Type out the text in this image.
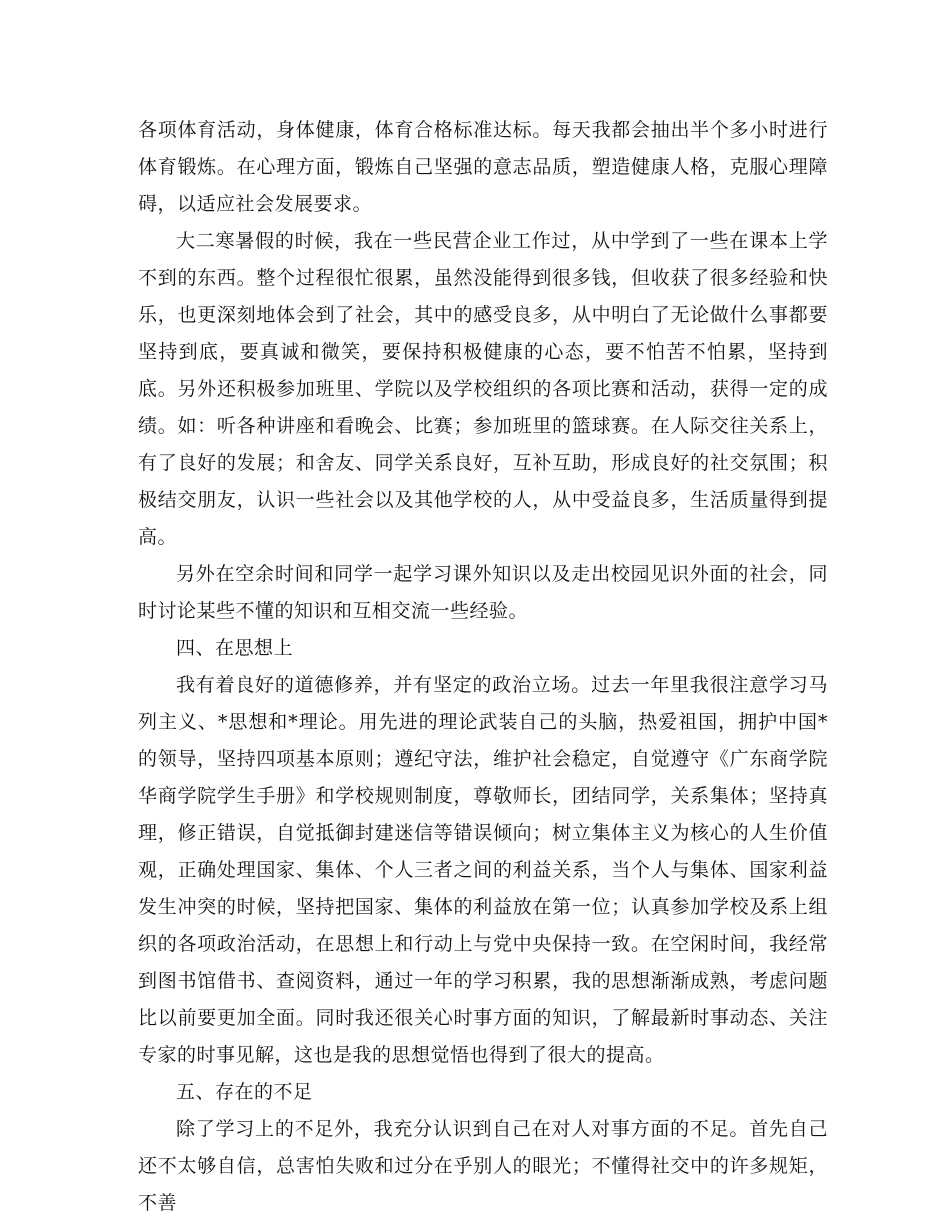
各项体育活动，身体健康，体育合格标准达标。每天我都会抽出半个多小时进行体育锻炼。在心理方面，锻炼自己坚强的意志品质，塑造健康人格，克服心理障碍，以适应社会发展要求。

大二寒暑假的时候，我在一些民营企业工作过，从中学到了一些在课本上学不到的东西。整个过程很忙很累，虽然没能得到很多钱，但收获了很多经验和快乐，也更深刻地体会到了社会，其中的感受良多，从中明白了无论做什么事都要坚持到底，要真诚和微笑，要保持积极健康的心态，要不怕苦不怕累，坚持到底。另外还积极参加班里、学院以及学校组织的各项比赛和活动，获得一定的成绩。如：听各种讲座和看晚会、比赛；参加班里的篮球赛。在人际交往关系上，有了良好的发展；和舍友、同学关系良好，互补互助，形成良好的社交氛围；积极结交朋友，认识一些社会以及其他学校的人，从中受益良多，生活质量得到提高。

另外在空余时间和同学一起学习课外知识以及走出校园见识外面的社会，同时讨论某些不懂的知识和互相交流一些经验。

四、在思想上

我有着良好的道德修养，并有坚定的政治立场。过去一年里我很注意学习马列主义、*思想和*理论。用先进的理论武装自己的头脑，热爱祖国，拥护中国*的领导，坚持四项基本原则；遵纪守法，维护社会稳定，自觉遵守《广东商学院华商学院学生手册》和学校规则制度，尊敬师长，团结同学，关系集体；坚持真理，修正错误，自觉抵御封建迷信等错误倾向；树立集体主义为核心的人生价值观，正确处理国家、集体、个人三者之间的利益关系，当个人与集体、国家利益发生冲突的时候，坚持把国家、集体的利益放在第一位；认真参加学校及系上组织的各项政治活动，在思想上和行动上与党中央保持一致。在空闲时间，我经常到图书馆借书、查阅资料，通过一年的学习积累，我的思想渐渐成熟，考虑问题比以前要更加全面。同时我还很关心时事方面的知识，了解最新时事动态、关注专家的时事见解，这也是我的思想觉悟也得到了很大的提高。

五、存在的不足

除了学习上的不足外，我充分认识到自己在对人对事方面的不足。首先自己还不太够自信，总害怕失败和过分在乎别人的眼光；不懂得社交中的许多规矩，不善
